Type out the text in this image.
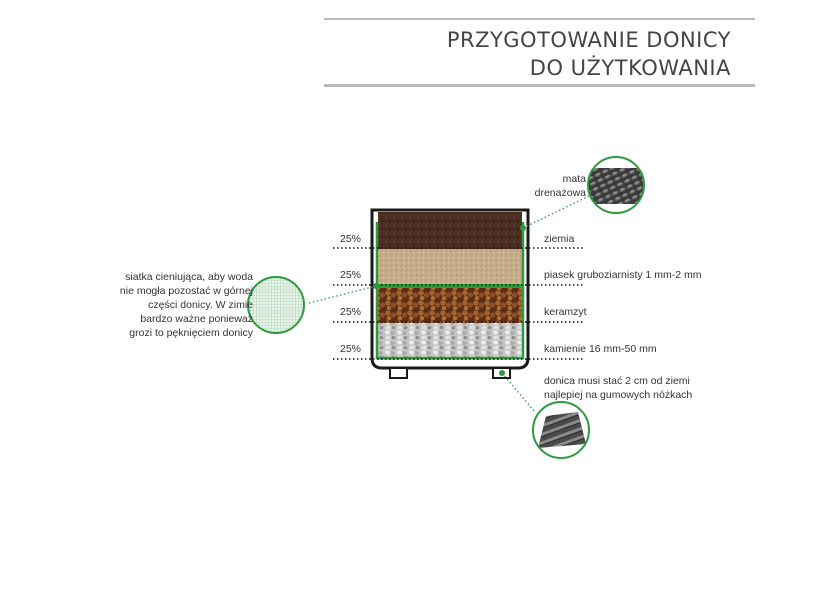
PRZYGOTOWANIE DONICY
DO UŻYTKOWANIA
25%
25%
25%
25%
ziemia
piasek gruboziarnisty 1 mm-2 mm
keramzyt
kamienie 16 mm-50 mm
mata
drenażowa
siatka cieniująca, aby woda
nie mogła pozostać w górnej
części donicy. W zimie
bardzo ważne ponieważ
grozi to pęknięciem donicy
donica musi stać 2 cm od ziemi
najlepiej na gumowych nóżkach
